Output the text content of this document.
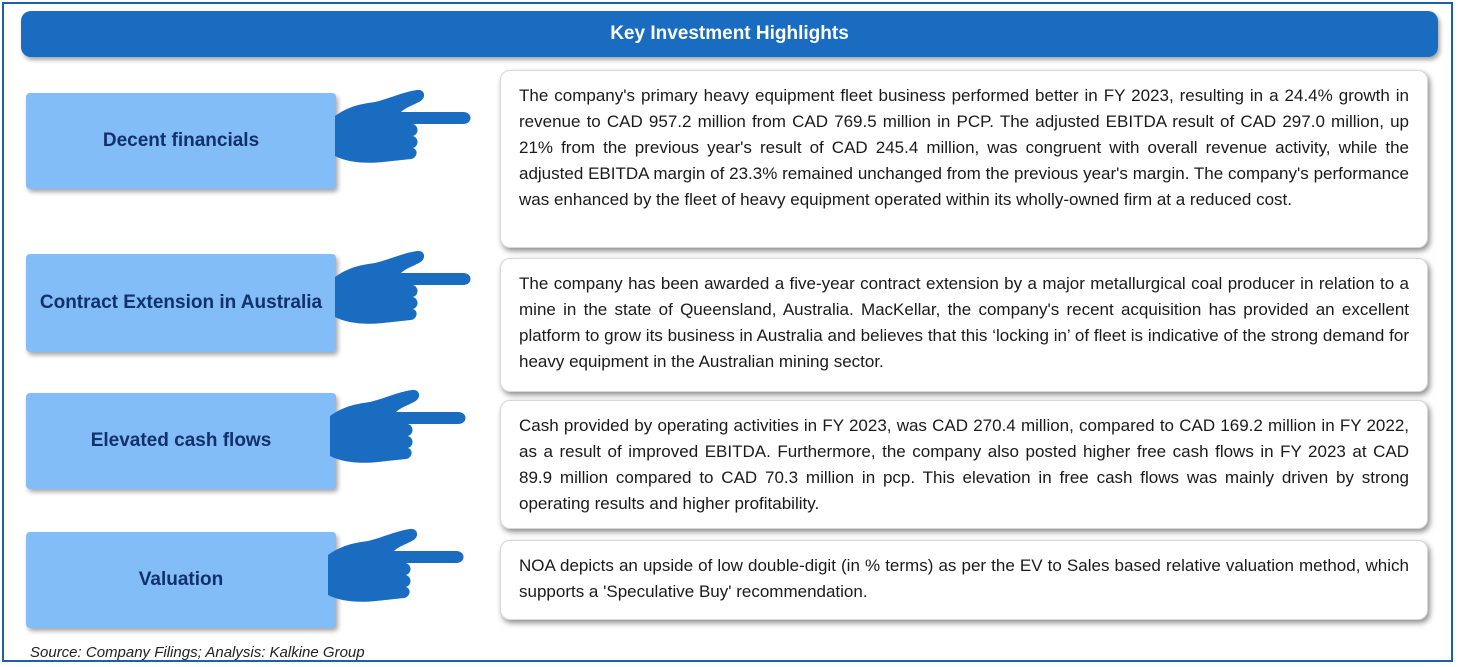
Key Investment Highlights
Decent financials
The company's primary heavy equipment fleet business performed better in FY 2023, resulting in a 24.4% growth in revenue to CAD 957.2 million from CAD 769.5 million in PCP. The adjusted EBITDA result of CAD 297.0 million, up 21% from the previous year's result of CAD 245.4 million, was congruent with overall revenue activity, while the adjusted EBITDA margin of 23.3% remained unchanged from the previous year's margin. The company's performance was enhanced by the fleet of heavy equipment operated within its wholly-owned firm at a reduced cost.
Contract Extension in Australia
The company has been awarded a five-year contract extension by a major metallurgical coal producer in relation to a mine in the state of Queensland, Australia. MacKellar, the company's recent acquisition has provided an excellent platform to grow its business in Australia and believes that this ‘locking in’ of fleet is indicative of the strong demand for heavy equipment in the Australian mining sector.
Elevated cash flows
Cash provided by operating activities in FY 2023, was CAD 270.4 million, compared to CAD 169.2 million in FY 2022, as a result of improved EBITDA. Furthermore, the company also posted higher free cash flows in FY 2023 at CAD 89.9 million compared to CAD 70.3 million in pcp. This elevation in free cash flows was mainly driven by strong operating results and higher profitability.
Valuation
NOA depicts an upside of low double-digit (in % terms) as per the EV to Sales based relative valuation method, which supports a 'Speculative Buy' recommendation.
Source: Company Filings; Analysis: Kalkine Group
